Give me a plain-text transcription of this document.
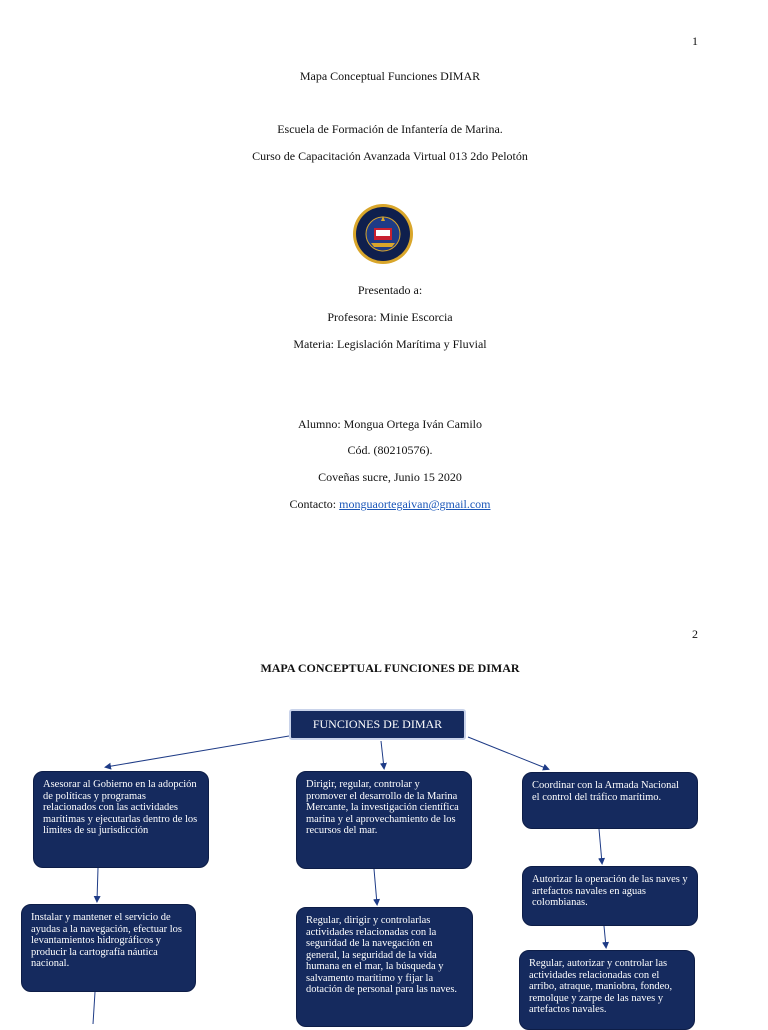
1
Mapa Conceptual Funciones DIMAR
Escuela de Formación de Infantería de Marina.
Curso de Capacitación Avanzada Virtual 013 2do Pelotón
Presentado a:
Profesora: Minie Escorcia
Materia: Legislación Marítima y Fluvial
Alumno: Mongua Ortega Iván Camilo
Cód. (80210576).
Coveñas sucre, Junio 15 2020
Contacto: monguaortegaivan@gmail.com
2
MAPA CONCEPTUAL FUNCIONES DE DIMAR
FUNCIONES DE DIMAR
Asesorar al Gobierno en la adopción de políticas y programas relacionados con las actividades marítimas y ejecutarlas dentro de los límites de su jurisdicción
Instalar y mantener el servicio de ayudas a la navegación, efectuar los levantamientos hidrográficos y producir la cartografía náutica nacional.
Dirigir, regular, controlar y promover el desarrollo de la Marina Mercante, la investigación científica marina y el aprovechamiento de los recursos del mar.
Regular, dirigir y controlarlas actividades relacionadas con la seguridad de la navegación en general, la seguridad de la vida humana en el mar, la búsqueda y salvamento marítimo y fijar la dotación de personal para las naves.
Coordinar con la Armada Nacional el control del tráfico marítimo.
Autorizar la operación de las naves y artefactos navales en aguas colombianas.
Regular, autorizar y controlar las actividades relacionadas con el arribo, atraque, maniobra, fondeo, remolque y zarpe de las naves y artefactos navales.
